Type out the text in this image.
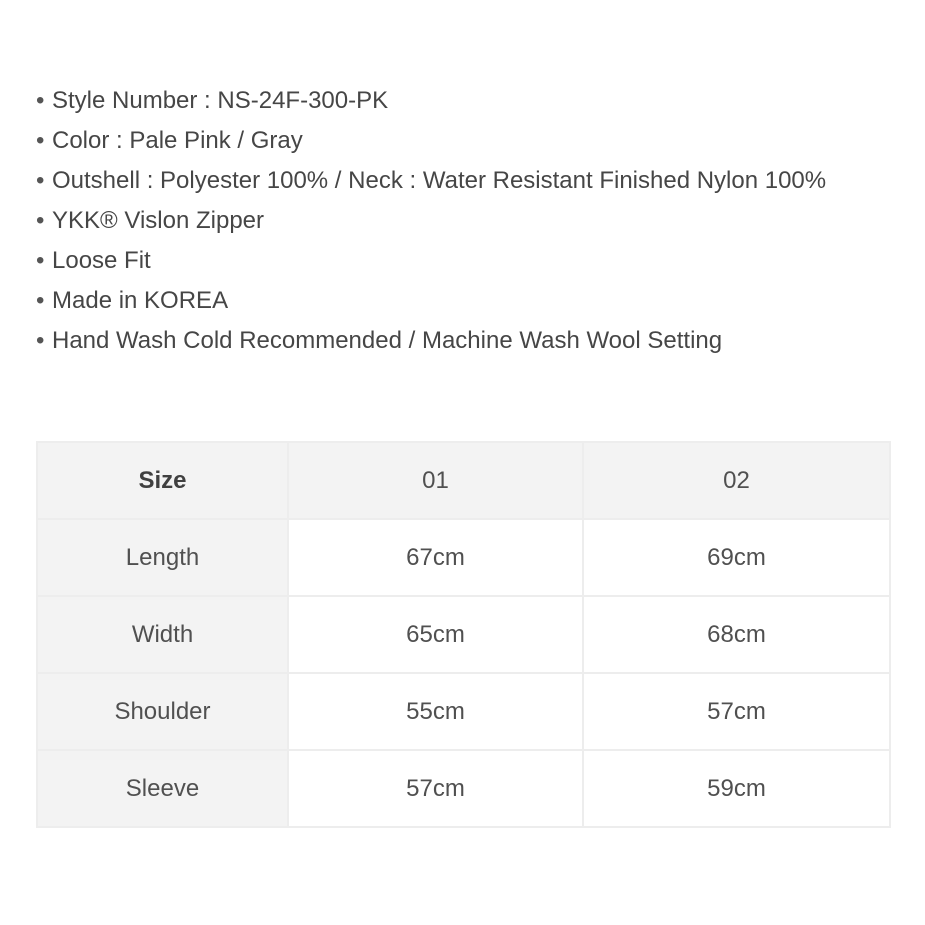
• Style Number : NS-24F-300-PK
• Color : Pale Pink / Gray
• Outshell : Polyester 100% / Neck : Water Resistant Finished Nylon 100%
• YKK® Vislon Zipper
• Loose Fit
• Made in KOREA
• Hand Wash Cold Recommended / Machine Wash Wool Setting
Size	01	02
Length	67cm	69cm
Width	65cm	68cm
Shoulder	55cm	57cm
Sleeve	57cm	59cm
